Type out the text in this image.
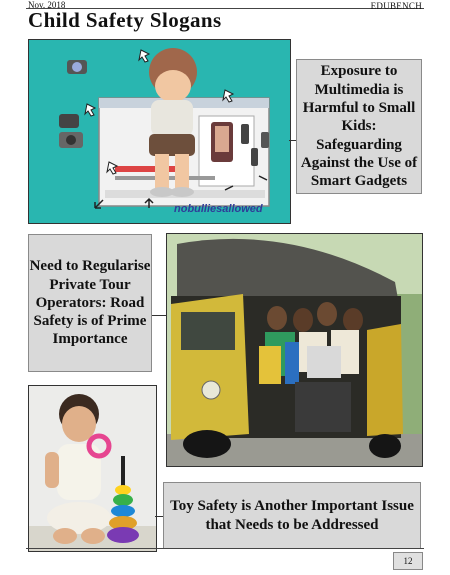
Nov. 2018	EDUBENCH
Child Safety Slogans
nobulliesallowed
Exposure to Multimedia is Harmful to Small Kids: Safeguarding Against the Use of Smart Gadgets
Need to Regularise Private Tour Operators: Road Safety is of Prime Importance
Toy Safety is Another Important Issue that Needs to be Addressed
12
